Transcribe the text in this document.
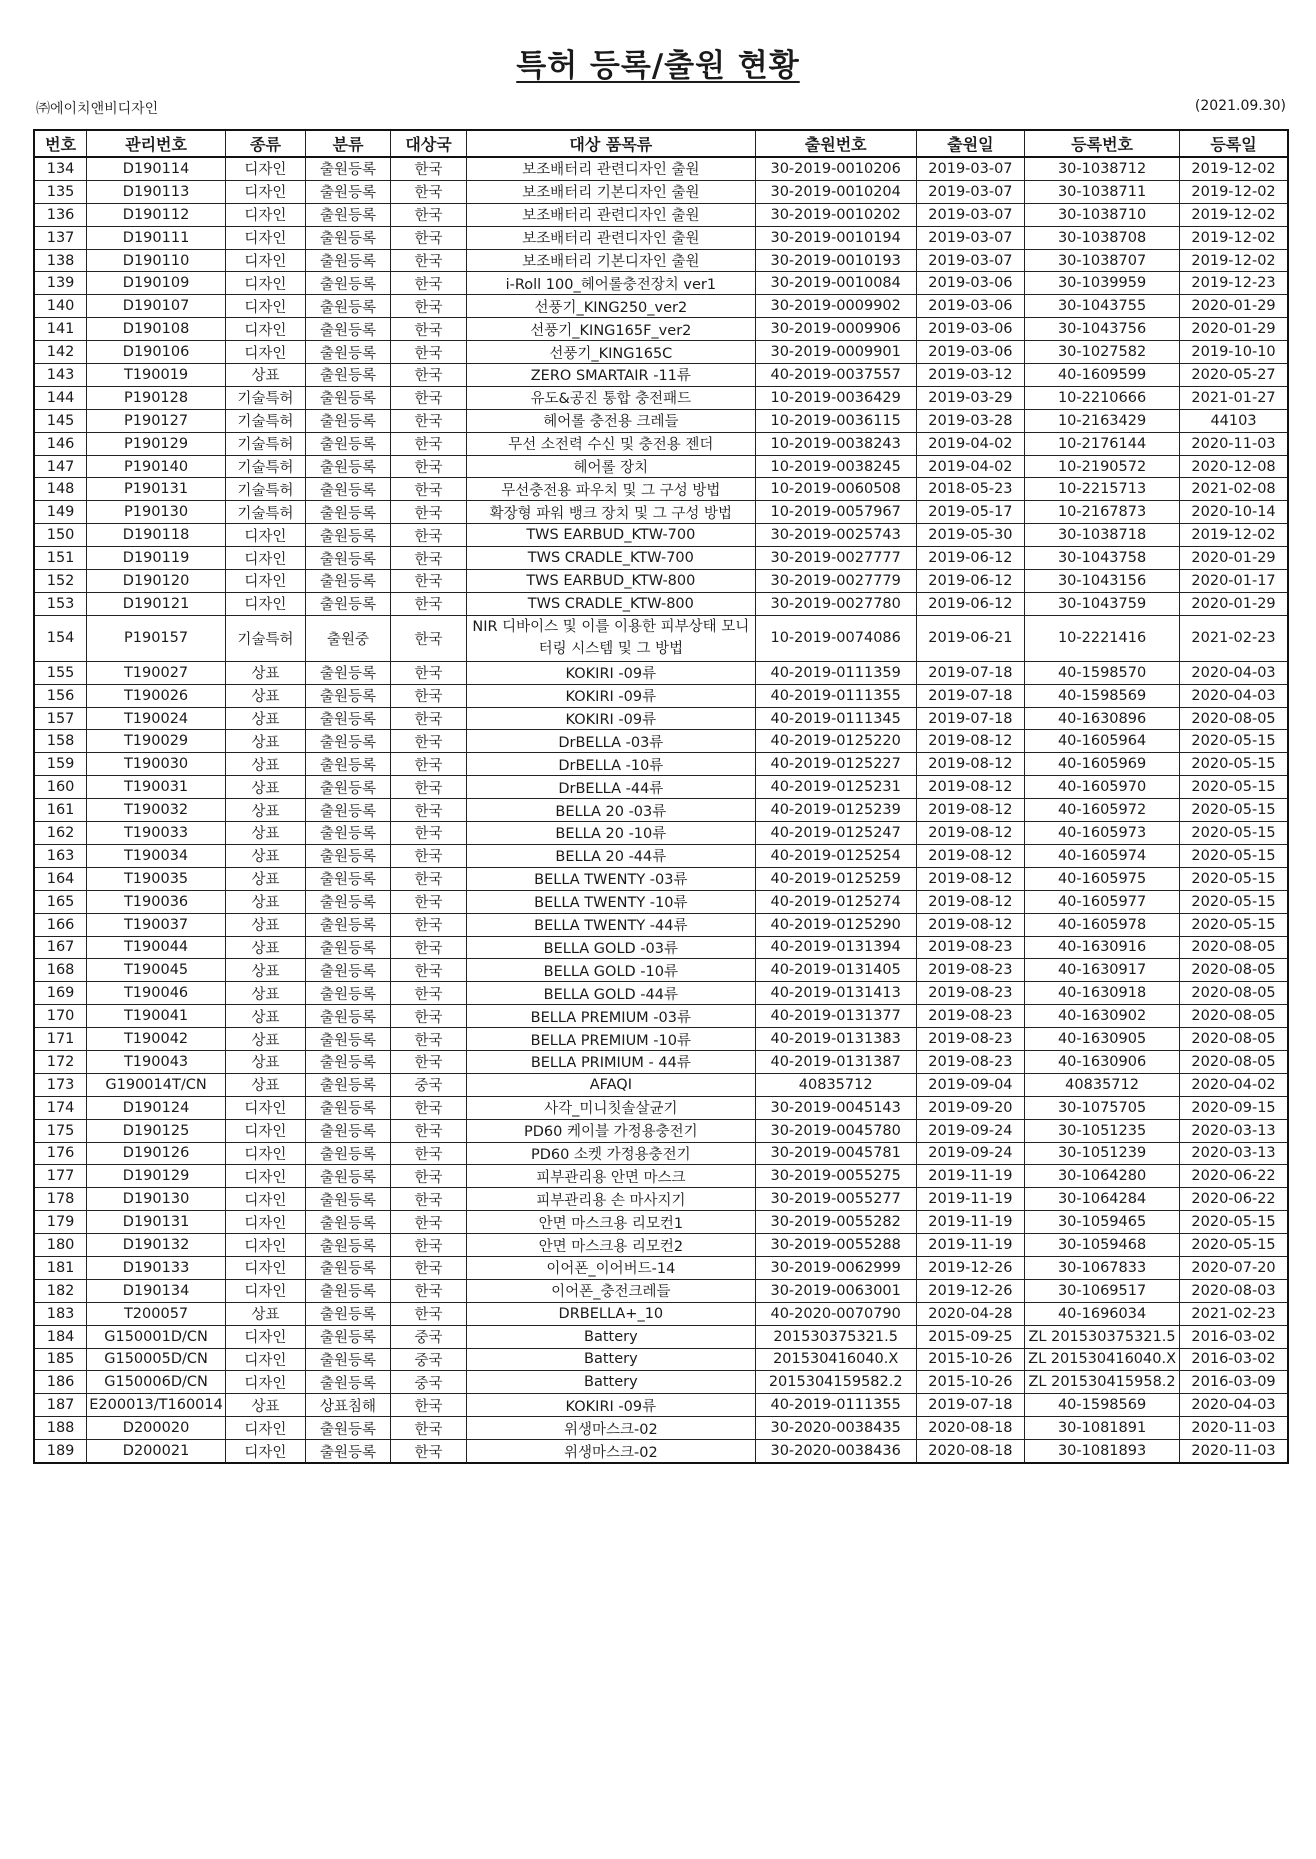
특허 등록/출원 현황
㈜에이치앤비디자인	(2021.09.30)
번호	관리번호	종류	분류	대상국	대상 품목류	출원번호	출원일	등록번호	등록일
134	D190114	디자인	출원등록	한국	보조배터리 관련디자인 출원	30-2019-0010206	2019-03-07	30-1038712	2019-12-02
135	D190113	디자인	출원등록	한국	보조배터리 기본디자인 출원	30-2019-0010204	2019-03-07	30-1038711	2019-12-02
136	D190112	디자인	출원등록	한국	보조배터리 관련디자인 출원	30-2019-0010202	2019-03-07	30-1038710	2019-12-02
137	D190111	디자인	출원등록	한국	보조배터리 관련디자인 출원	30-2019-0010194	2019-03-07	30-1038708	2019-12-02
138	D190110	디자인	출원등록	한국	보조배터리 기본디자인 출원	30-2019-0010193	2019-03-07	30-1038707	2019-12-02
139	D190109	디자인	출원등록	한국	i-Roll 100_헤어롤충전장치 ver1	30-2019-0010084	2019-03-06	30-1039959	2019-12-23
140	D190107	디자인	출원등록	한국	선풍기_KING250_ver2	30-2019-0009902	2019-03-06	30-1043755	2020-01-29
141	D190108	디자인	출원등록	한국	선풍기_KING165F_ver2	30-2019-0009906	2019-03-06	30-1043756	2020-01-29
142	D190106	디자인	출원등록	한국	선풍기_KING165C	30-2019-0009901	2019-03-06	30-1027582	2019-10-10
143	T190019	상표	출원등록	한국	ZERO SMARTAIR -11류	40-2019-0037557	2019-03-12	40-1609599	2020-05-27
144	P190128	기술특허	출원등록	한국	유도&공진 통합 충전패드	10-2019-0036429	2019-03-29	10-2210666	2021-01-27
145	P190127	기술특허	출원등록	한국	헤어롤 충전용 크레들	10-2019-0036115	2019-03-28	10-2163429	44103
146	P190129	기술특허	출원등록	한국	무선 소전력 수신 및 충전용 젠더	10-2019-0038243	2019-04-02	10-2176144	2020-11-03
147	P190140	기술특허	출원등록	한국	헤어롤 장치	10-2019-0038245	2019-04-02	10-2190572	2020-12-08
148	P190131	기술특허	출원등록	한국	무선충전용 파우치 및 그 구성 방법	10-2019-0060508	2018-05-23	10-2215713	2021-02-08
149	P190130	기술특허	출원등록	한국	확장형 파워 뱅크 장치 및 그 구성 방법	10-2019-0057967	2019-05-17	10-2167873	2020-10-14
150	D190118	디자인	출원등록	한국	TWS EARBUD_KTW-700	30-2019-0025743	2019-05-30	30-1038718	2019-12-02
151	D190119	디자인	출원등록	한국	TWS CRADLE_KTW-700	30-2019-0027777	2019-06-12	30-1043758	2020-01-29
152	D190120	디자인	출원등록	한국	TWS EARBUD_KTW-800	30-2019-0027779	2019-06-12	30-1043156	2020-01-17
153	D190121	디자인	출원등록	한국	TWS CRADLE_KTW-800	30-2019-0027780	2019-06-12	30-1043759	2020-01-29
154	P190157	기술특허	출원중	한국	NIR 디바이스 및 이를 이용한 피부상태 모니터링 시스템 및 그 방법	10-2019-0074086	2019-06-21	10-2221416	2021-02-23
155	T190027	상표	출원등록	한국	KOKIRI -09류	40-2019-0111359	2019-07-18	40-1598570	2020-04-03
156	T190026	상표	출원등록	한국	KOKIRI -09류	40-2019-0111355	2019-07-18	40-1598569	2020-04-03
157	T190024	상표	출원등록	한국	KOKIRI -09류	40-2019-0111345	2019-07-18	40-1630896	2020-08-05
158	T190029	상표	출원등록	한국	DrBELLA -03류	40-2019-0125220	2019-08-12	40-1605964	2020-05-15
159	T190030	상표	출원등록	한국	DrBELLA -10류	40-2019-0125227	2019-08-12	40-1605969	2020-05-15
160	T190031	상표	출원등록	한국	DrBELLA -44류	40-2019-0125231	2019-08-12	40-1605970	2020-05-15
161	T190032	상표	출원등록	한국	BELLA 20 -03류	40-2019-0125239	2019-08-12	40-1605972	2020-05-15
162	T190033	상표	출원등록	한국	BELLA 20 -10류	40-2019-0125247	2019-08-12	40-1605973	2020-05-15
163	T190034	상표	출원등록	한국	BELLA 20 -44류	40-2019-0125254	2019-08-12	40-1605974	2020-05-15
164	T190035	상표	출원등록	한국	BELLA TWENTY -03류	40-2019-0125259	2019-08-12	40-1605975	2020-05-15
165	T190036	상표	출원등록	한국	BELLA TWENTY -10류	40-2019-0125274	2019-08-12	40-1605977	2020-05-15
166	T190037	상표	출원등록	한국	BELLA TWENTY -44류	40-2019-0125290	2019-08-12	40-1605978	2020-05-15
167	T190044	상표	출원등록	한국	BELLA GOLD -03류	40-2019-0131394	2019-08-23	40-1630916	2020-08-05
168	T190045	상표	출원등록	한국	BELLA GOLD -10류	40-2019-0131405	2019-08-23	40-1630917	2020-08-05
169	T190046	상표	출원등록	한국	BELLA GOLD -44류	40-2019-0131413	2019-08-23	40-1630918	2020-08-05
170	T190041	상표	출원등록	한국	BELLA PREMIUM -03류	40-2019-0131377	2019-08-23	40-1630902	2020-08-05
171	T190042	상표	출원등록	한국	BELLA PREMIUM -10류	40-2019-0131383	2019-08-23	40-1630905	2020-08-05
172	T190043	상표	출원등록	한국	BELLA PRIMIUM - 44류	40-2019-0131387	2019-08-23	40-1630906	2020-08-05
173	G190014T/CN	상표	출원등록	중국	AFAQI	40835712	2019-09-04	40835712	2020-04-02
174	D190124	디자인	출원등록	한국	사각_미니칫솔살균기	30-2019-0045143	2019-09-20	30-1075705	2020-09-15
175	D190125	디자인	출원등록	한국	PD60 케이블 가정용충전기	30-2019-0045780	2019-09-24	30-1051235	2020-03-13
176	D190126	디자인	출원등록	한국	PD60 소켓 가정용충전기	30-2019-0045781	2019-09-24	30-1051239	2020-03-13
177	D190129	디자인	출원등록	한국	피부관리용 안면 마스크	30-2019-0055275	2019-11-19	30-1064280	2020-06-22
178	D190130	디자인	출원등록	한국	피부관리용 손 마사지기	30-2019-0055277	2019-11-19	30-1064284	2020-06-22
179	D190131	디자인	출원등록	한국	안면 마스크용 리모컨1	30-2019-0055282	2019-11-19	30-1059465	2020-05-15
180	D190132	디자인	출원등록	한국	안면 마스크용 리모컨2	30-2019-0055288	2019-11-19	30-1059468	2020-05-15
181	D190133	디자인	출원등록	한국	이어폰_이어버드-14	30-2019-0062999	2019-12-26	30-1067833	2020-07-20
182	D190134	디자인	출원등록	한국	이어폰_충전크레들	30-2019-0063001	2019-12-26	30-1069517	2020-08-03
183	T200057	상표	출원등록	한국	DRBELLA+_10	40-2020-0070790	2020-04-28	40-1696034	2021-02-23
184	G150001D/CN	디자인	출원등록	중국	Battery	201530375321.5	2015-09-25	ZL 201530375321.5	2016-03-02
185	G150005D/CN	디자인	출원등록	중국	Battery	201530416040.X	2015-10-26	ZL 201530416040.X	2016-03-02
186	G150006D/CN	디자인	출원등록	중국	Battery	2015304159582.2	2015-10-26	ZL 201530415958.2	2016-03-09
187	E200013/T160014	상표	상표침해	한국	KOKIRI -09류	40-2019-0111355	2019-07-18	40-1598569	2020-04-03
188	D200020	디자인	출원등록	한국	위생마스크-02	30-2020-0038435	2020-08-18	30-1081891	2020-11-03
189	D200021	디자인	출원등록	한국	위생마스크-02	30-2020-0038436	2020-08-18	30-1081893	2020-11-03
